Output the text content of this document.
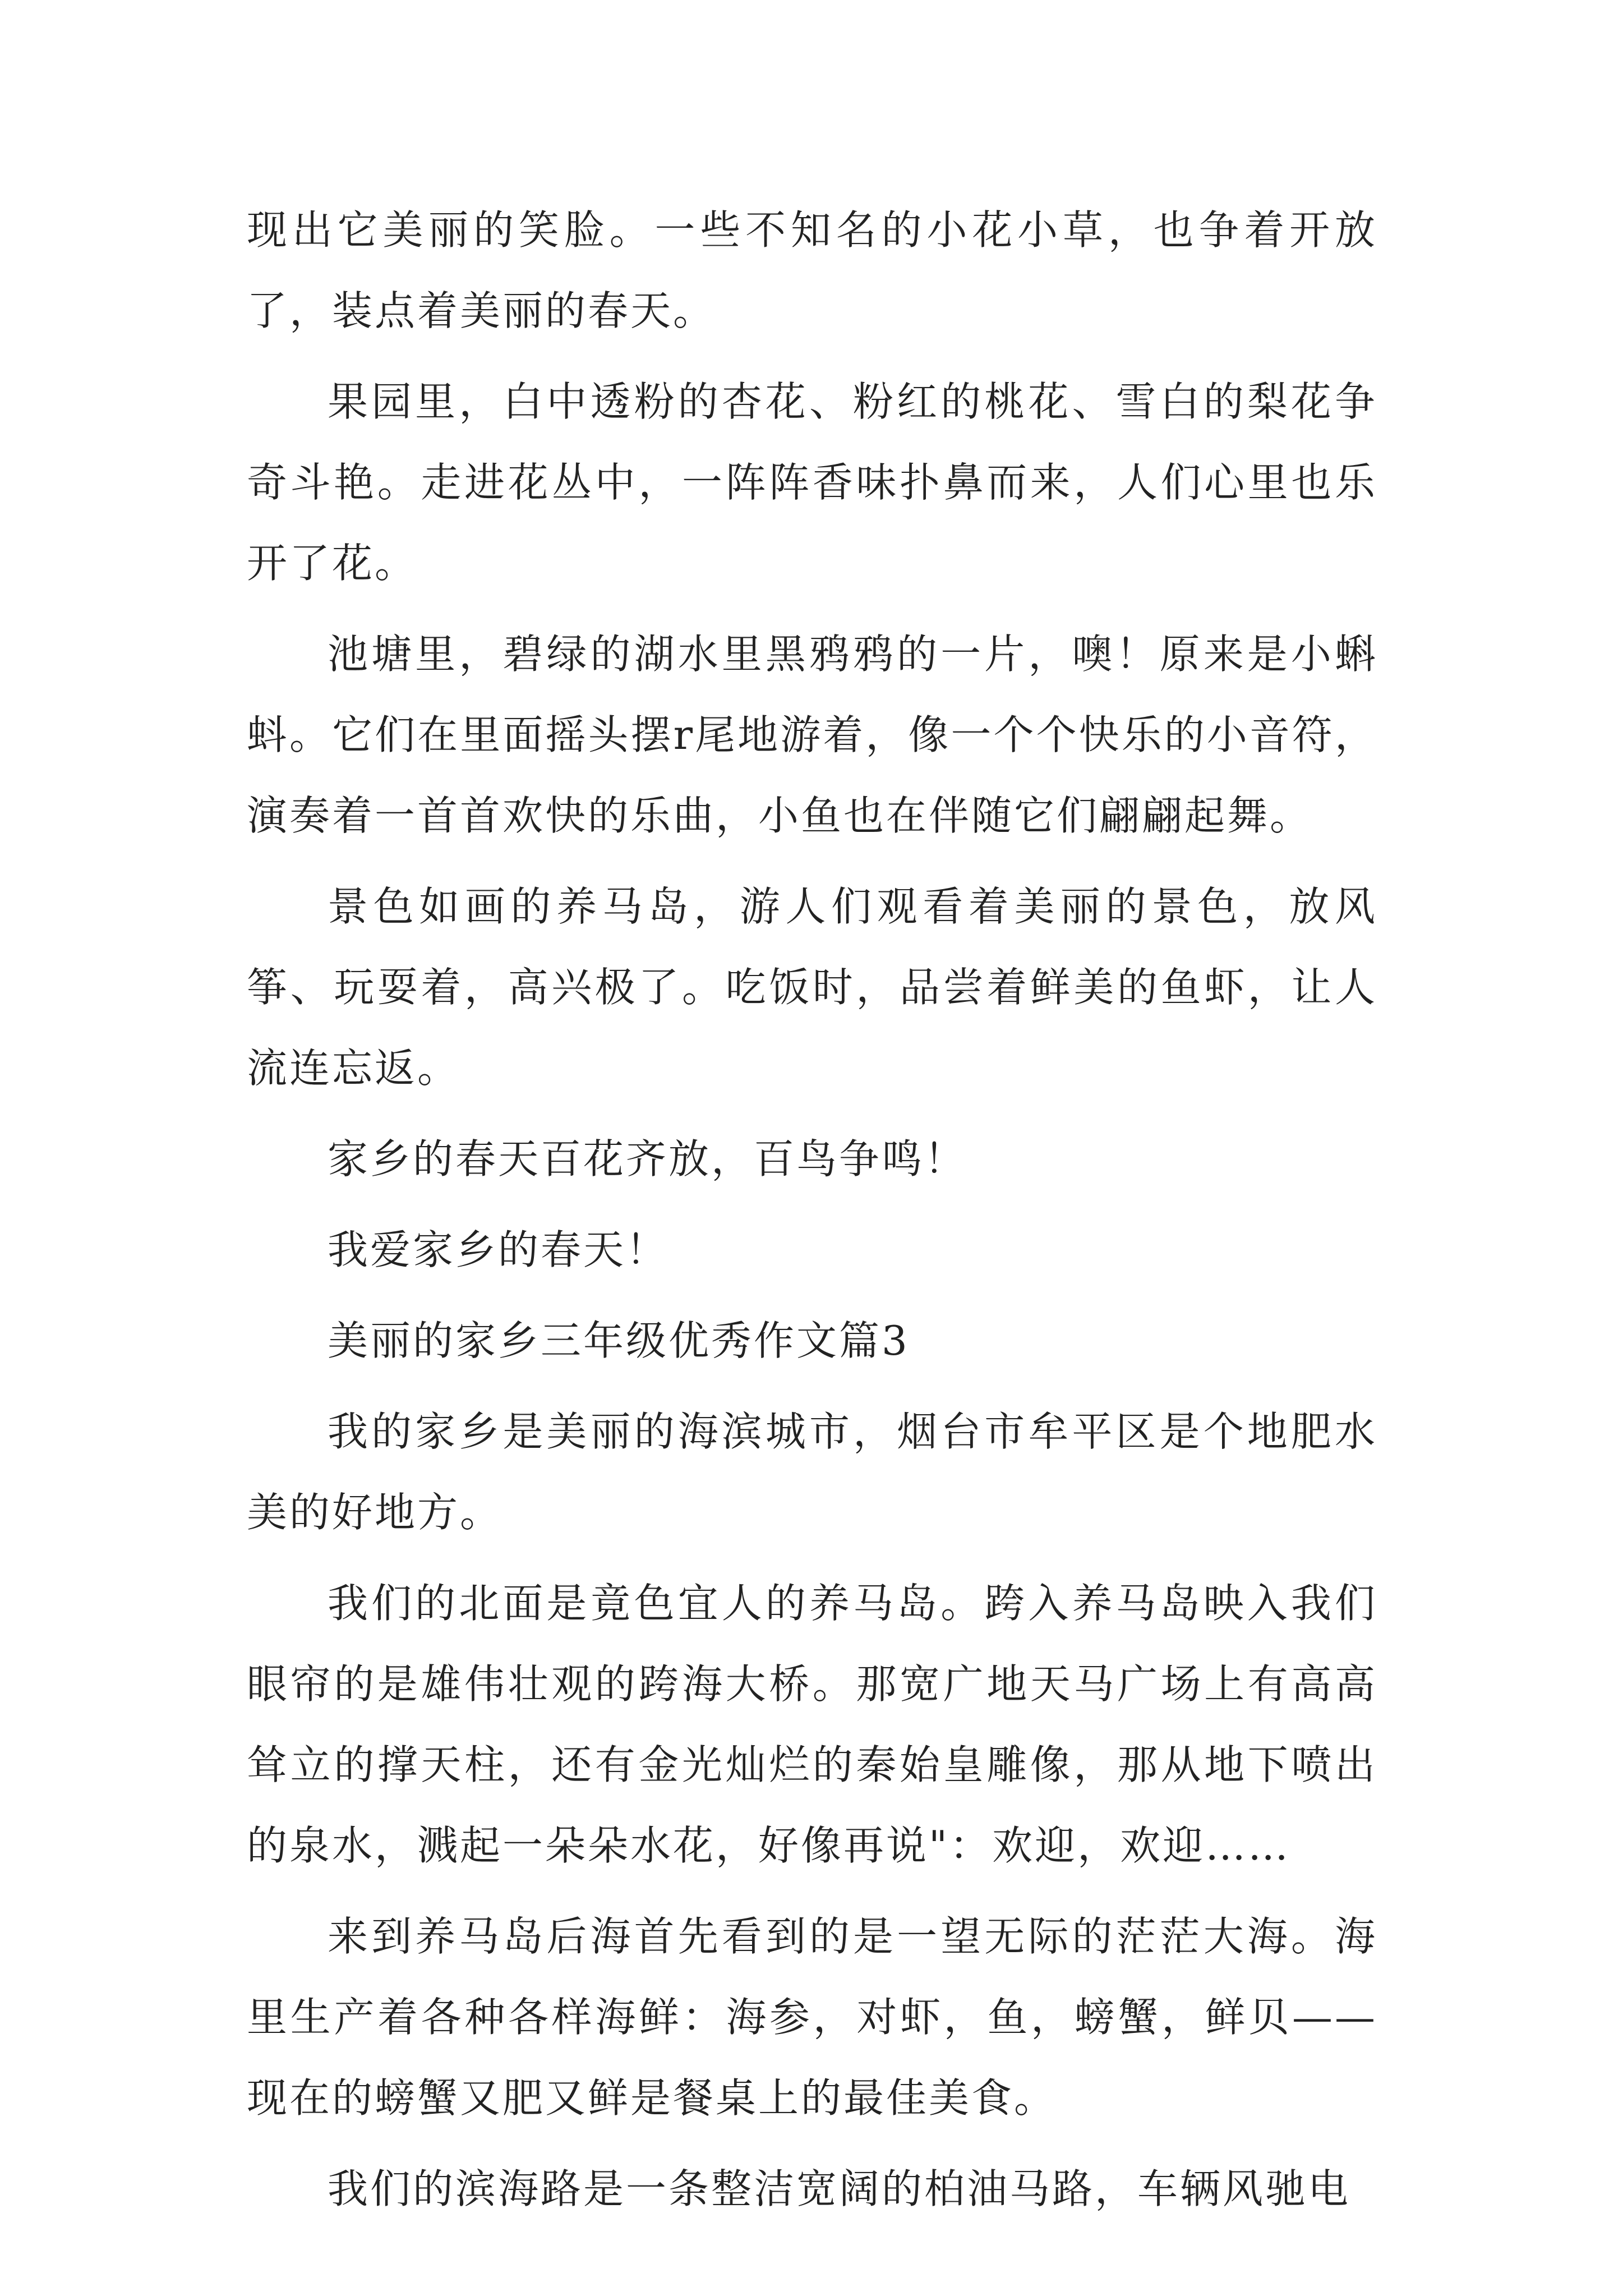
现出它美丽的笑脸。一些不知名的小花小草，也争着开放了，装点着美丽的春天。

果园里，白中透粉的杏花、粉红的桃花、雪白的梨花争奇斗艳。走进花丛中，一阵阵香味扑鼻而来，人们心里也乐开了花。

池塘里，碧绿的湖水里黑鸦鸦的一片，噢！原来是小蝌蚪。它们在里面摇头摆r尾地游着，像一个个快乐的小音符，演奏着一首首欢快的乐曲，小鱼也在伴随它们翩翩起舞。

景色如画的养马岛，游人们观看着美丽的景色，放风筝、玩耍着，高兴极了。吃饭时，品尝着鲜美的鱼虾，让人流连忘返。

家乡的春天百花齐放，百鸟争鸣！

我爱家乡的春天！

美丽的家乡三年级优秀作文篇3

我的家乡是美丽的海滨城市，烟台市牟平区是个地肥水美的好地方。

我们的北面是竟色宜人的养马岛。跨入养马岛映入我们眼帘的是雄伟壮观的跨海大桥。那宽广地天马广场上有高高耸立的撑天柱，还有金光灿烂的秦始皇雕像，那从地下喷出的泉水，溅起一朵朵水花，好像再说"：欢迎，欢迎……

来到养马岛后海首先看到的是一望无际的茫茫大海。海里生产着各种各样海鲜：海参，对虾，鱼，螃蟹，鲜贝——现在的螃蟹又肥又鲜是餐桌上的最佳美食。

我们的滨海路是一条整洁宽阔的柏油马路，车辆风驰电
